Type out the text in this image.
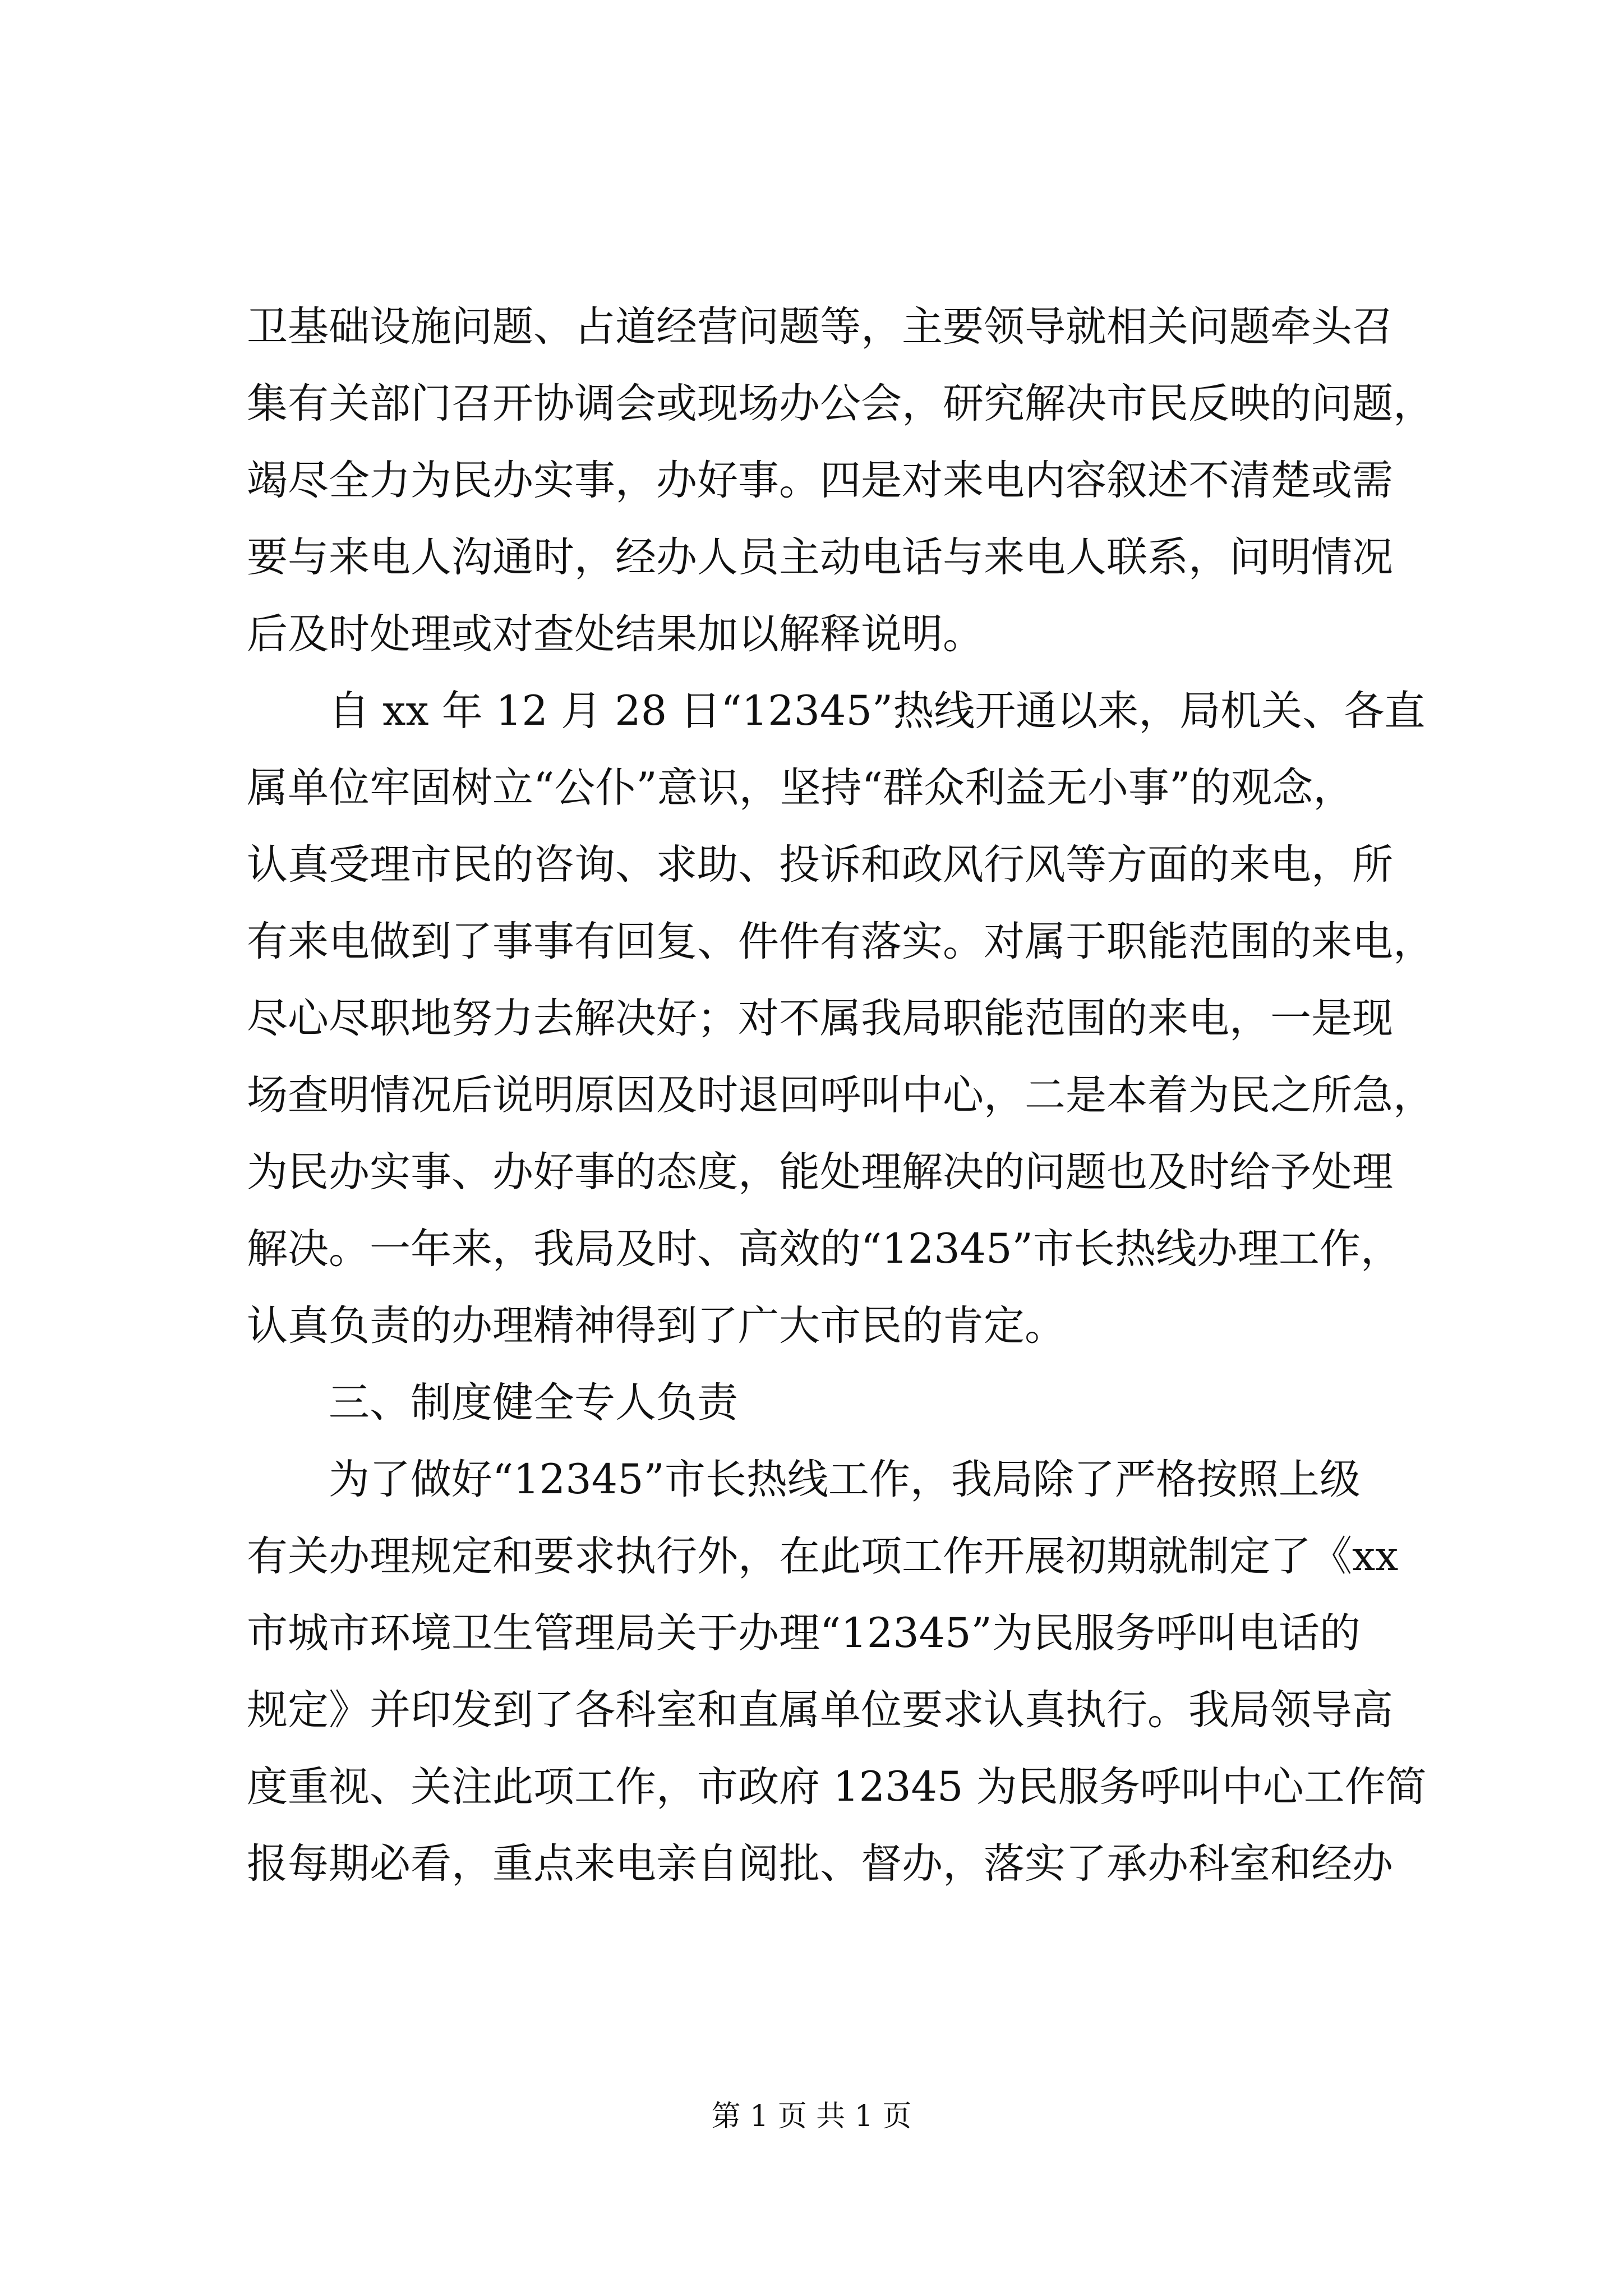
卫基础设施问题、占道经营问题等，主要领导就相关问题牵头召
集有关部门召开协调会或现场办公会，研究解决市民反映的问题，
竭尽全力为民办实事，办好事。四是对来电内容叙述不清楚或需
要与来电人沟通时，经办人员主动电话与来电人联系，问明情况
后及时处理或对查处结果加以解释说明。
自 xx 年 12 月 28 日“12345”热线开通以来，局机关、各直
属单位牢固树立“公仆”意识，坚持“群众利益无小事”的观念，
认真受理市民的咨询、求助、投诉和政风行风等方面的来电，所
有来电做到了事事有回复、件件有落实。对属于职能范围的来电，
尽心尽职地努力去解决好；对不属我局职能范围的来电，一是现
场查明情况后说明原因及时退回呼叫中心，二是本着为民之所急，
为民办实事、办好事的态度，能处理解决的问题也及时给予处理
解决。一年来，我局及时、高效的“12345”市长热线办理工作，
认真负责的办理精神得到了广大市民的肯定。
三、制度健全专人负责
为了做好“12345”市长热线工作，我局除了严格按照上级
有关办理规定和要求执行外，在此项工作开展初期就制定了《xx
市城市环境卫生管理局关于办理“12345”为民服务呼叫电话的
规定》并印发到了各科室和直属单位要求认真执行。我局领导高
度重视、关注此项工作，市政府 12345 为民服务呼叫中心工作简
报每期必看，重点来电亲自阅批、督办，落实了承办科室和经办
第 1 页 共 1 页
